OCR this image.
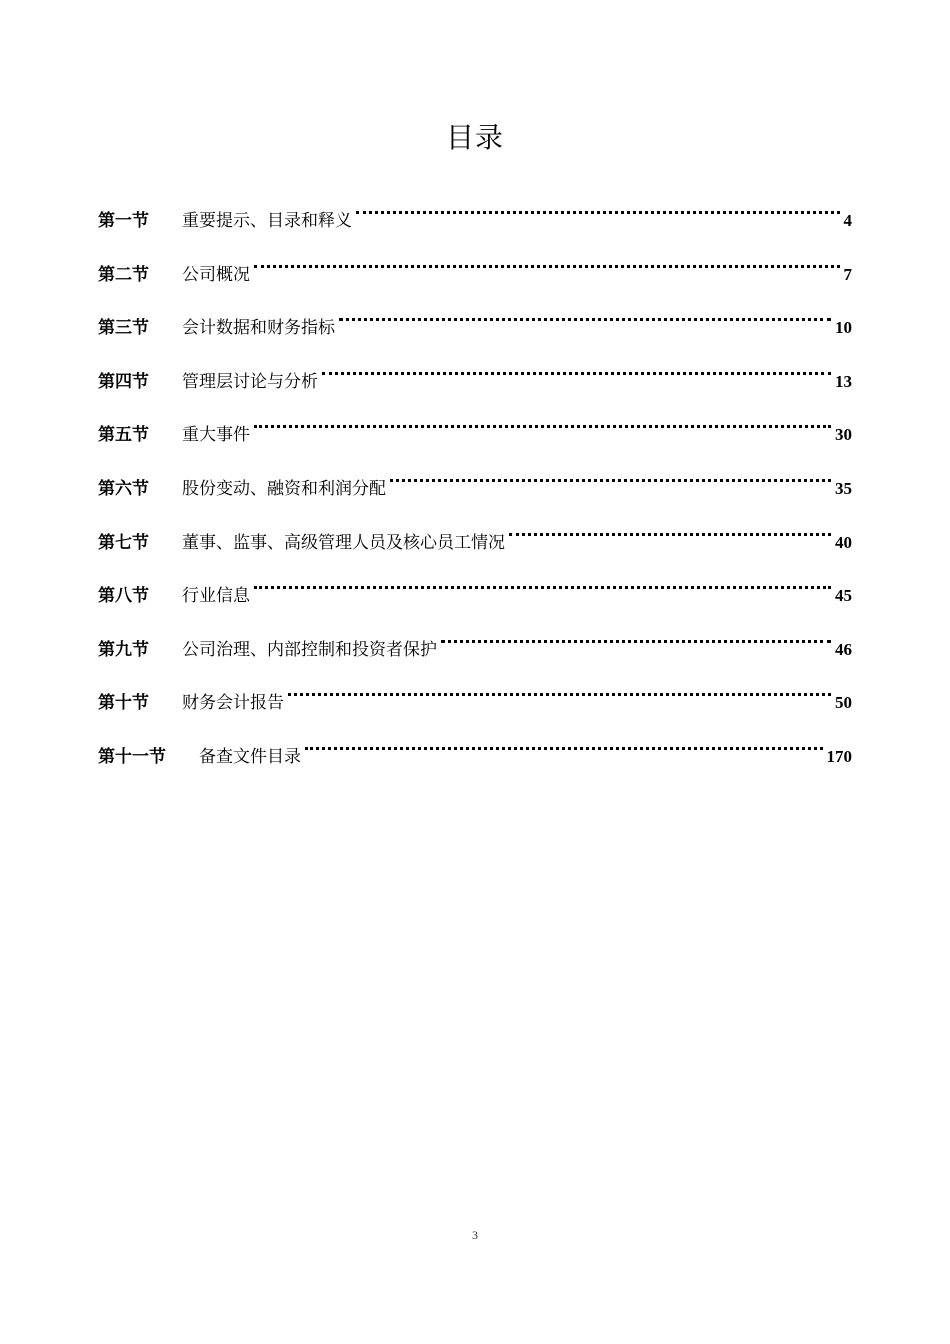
目录
第一节	重要提示、目录和释义	4
第二节	公司概况	7
第三节	会计数据和财务指标	10
第四节	管理层讨论与分析	13
第五节	重大事件	30
第六节	股份变动、融资和利润分配	35
第七节	董事、监事、高级管理人员及核心员工情况	40
第八节	行业信息	45
第九节	公司治理、内部控制和投资者保护	46
第十节	财务会计报告	50
第十一节	备查文件目录	170
3
